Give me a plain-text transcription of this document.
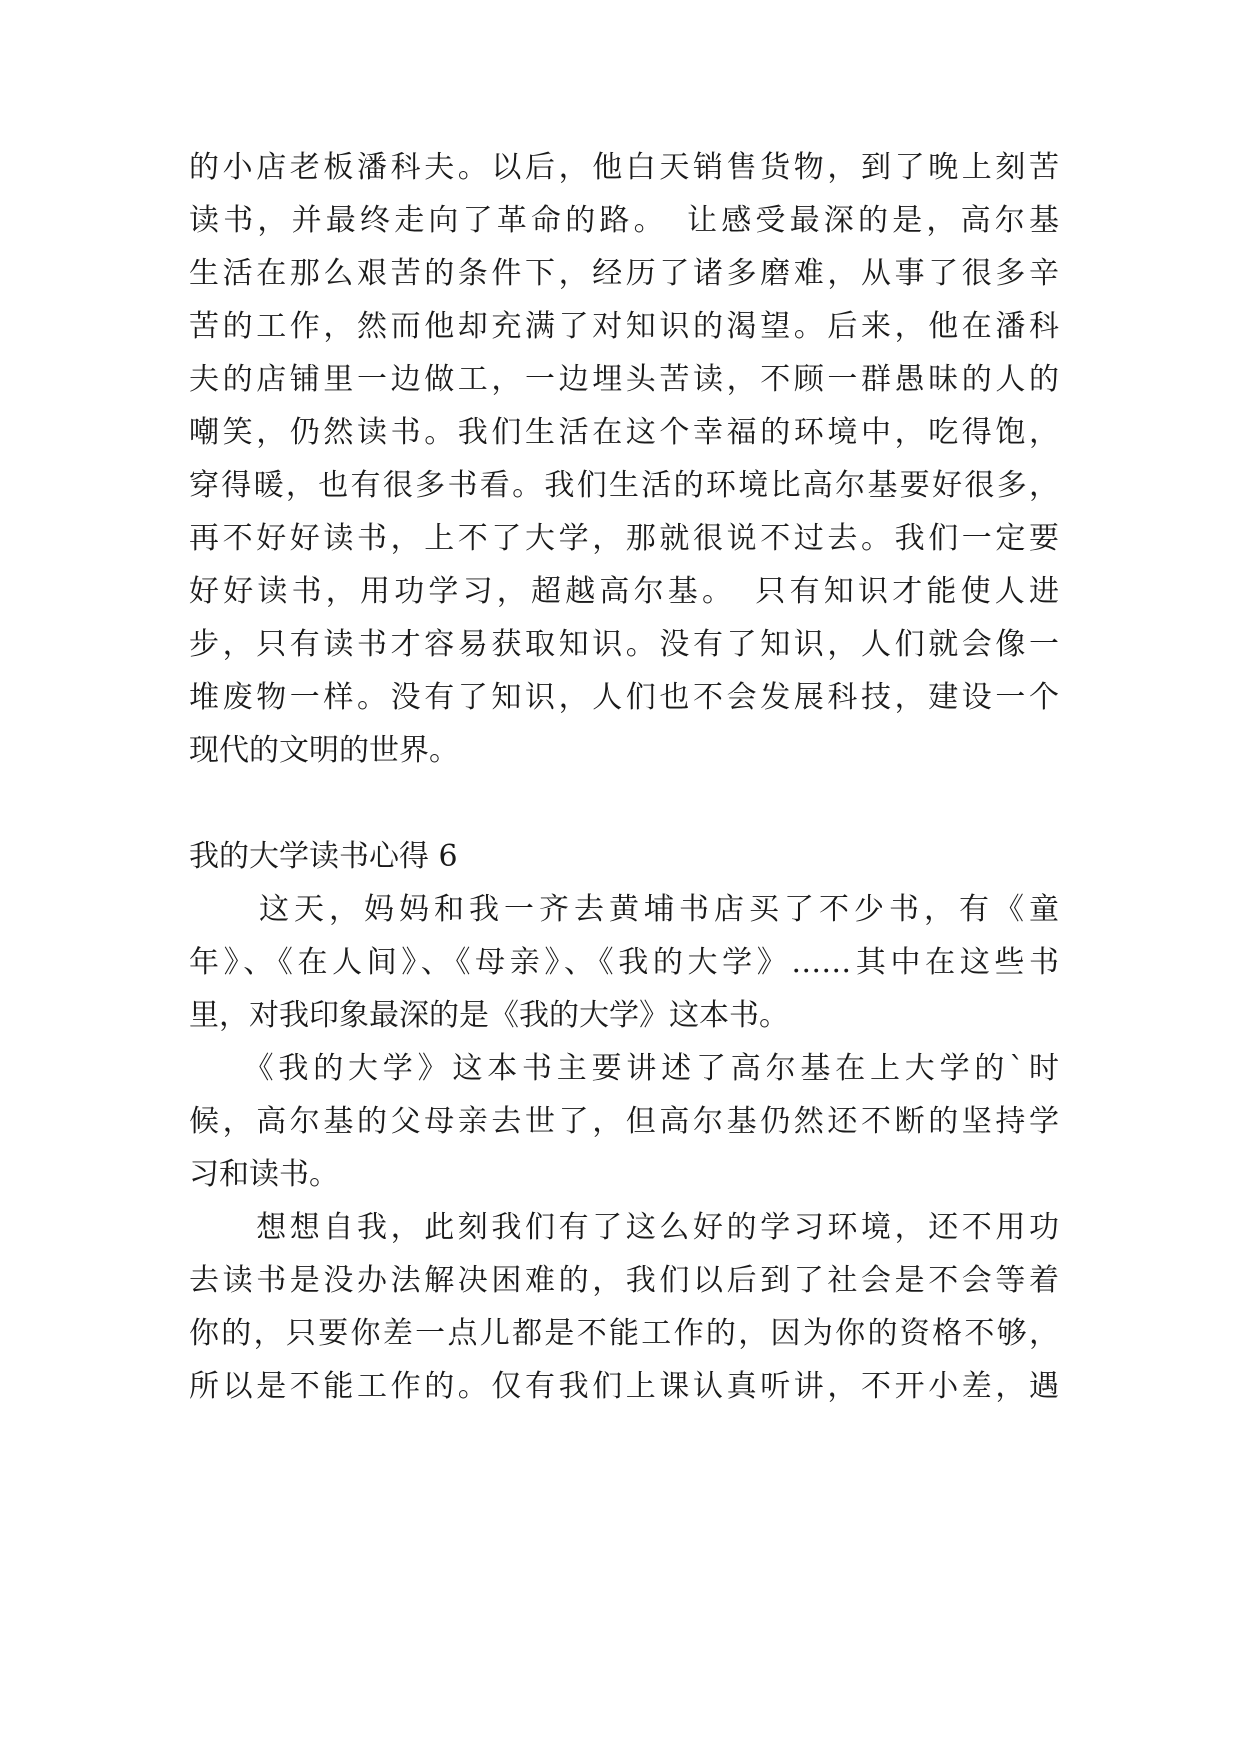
的小店老板潘科夫。以后，他白天销售货物，到了晚上刻苦
读书，并最终走向了革命的路。　让感受最深的是，高尔基
生活在那么艰苦的条件下，经历了诸多磨难，从事了很多辛
苦的工作，然而他却充满了对知识的渴望。后来，他在潘科
夫的店铺里一边做工，一边埋头苦读，不顾一群愚昧的人的
嘲笑，仍然读书。我们生活在这个幸福的环境中，吃得饱，
穿得暖，也有很多书看。我们生活的环境比高尔基要好很多，
再不好好读书，上不了大学，那就很说不过去。我们一定要
好好读书，用功学习，超越高尔基。　只有知识才能使人进
步，只有读书才容易获取知识。没有了知识，人们就会像一
堆废物一样。没有了知识，人们也不会发展科技，建设一个
现代的文明的世界。
我的大学读书心得 6
　　这天，妈妈和我一齐去黄埔书店买了不少书，有《童
年》、《在人间》、《母亲》、《我的大学》……其中在这些书
里，对我印象最深的是《我的大学》这本书。
　　《我的大学》这本书主要讲述了高尔基在上大学的`时
候，高尔基的父母亲去世了，但高尔基仍然还不断的坚持学
习和读书。
　　想想自我，此刻我们有了这么好的学习环境，还不用功
去读书是没办法解决困难的，我们以后到了社会是不会等着
你的，只要你差一点儿都是不能工作的，因为你的资格不够，
所以是不能工作的。仅有我们上课认真听讲，不开小差，遇
